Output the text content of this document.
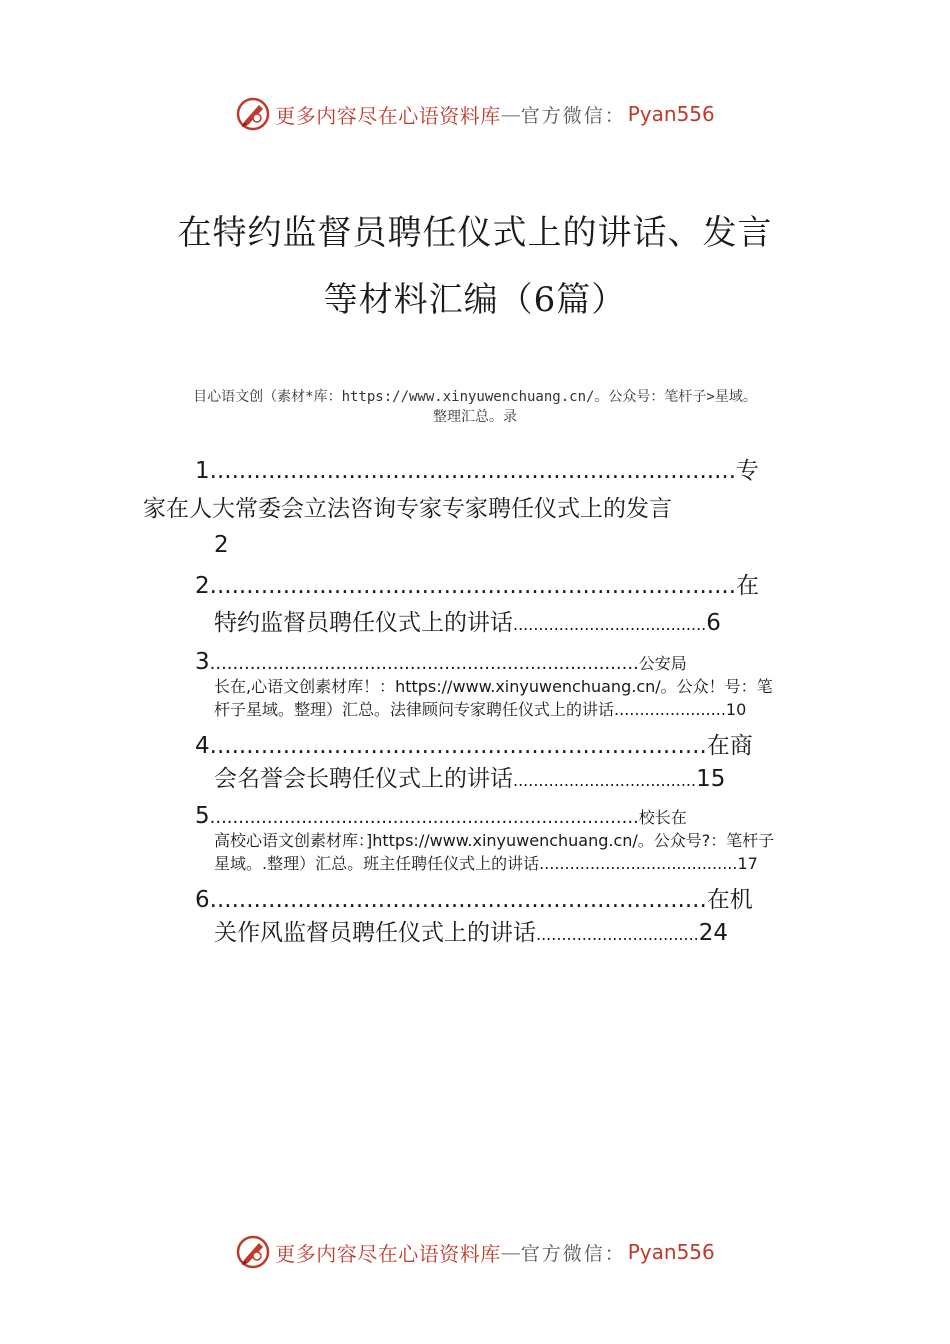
更多内容尽在心语资料库 — 官方微信： Pyan556
在特约监督员聘任仪式上的讲话、发言
等材料汇编（6篇）
目心语文创（素材*库：https://www.xinyuwenchuang.cn/。公众号：笔杆子>星域。
整理汇总。录
1........................................................................专
家在人大常委会立法咨询专家专家聘任仪式上的发言
2
2........................................................................在
特约监督员聘任仪式上的讲话......................................6
3...........................................................................公安局
长在,心语文创素材库！：https://www.xinyuwenchuang.cn/。公众！号：笔
杆子星域。整理）汇总。法律顾问专家聘任仪式上的讲话......................10
4....................................................................在商
会名誉会长聘任仪式上的讲话....................................15
5...........................................................................校长在
高校心语文创素材库：]https://www.xinyuwenchuang.cn/。公众号?：笔杆子
星域。.整理）汇总。班主任聘任仪式上的讲话.......................................17
6....................................................................在机
关作风监督员聘任仪式上的讲话................................24
更多内容尽在心语资料库 — 官方微信： Pyan556
